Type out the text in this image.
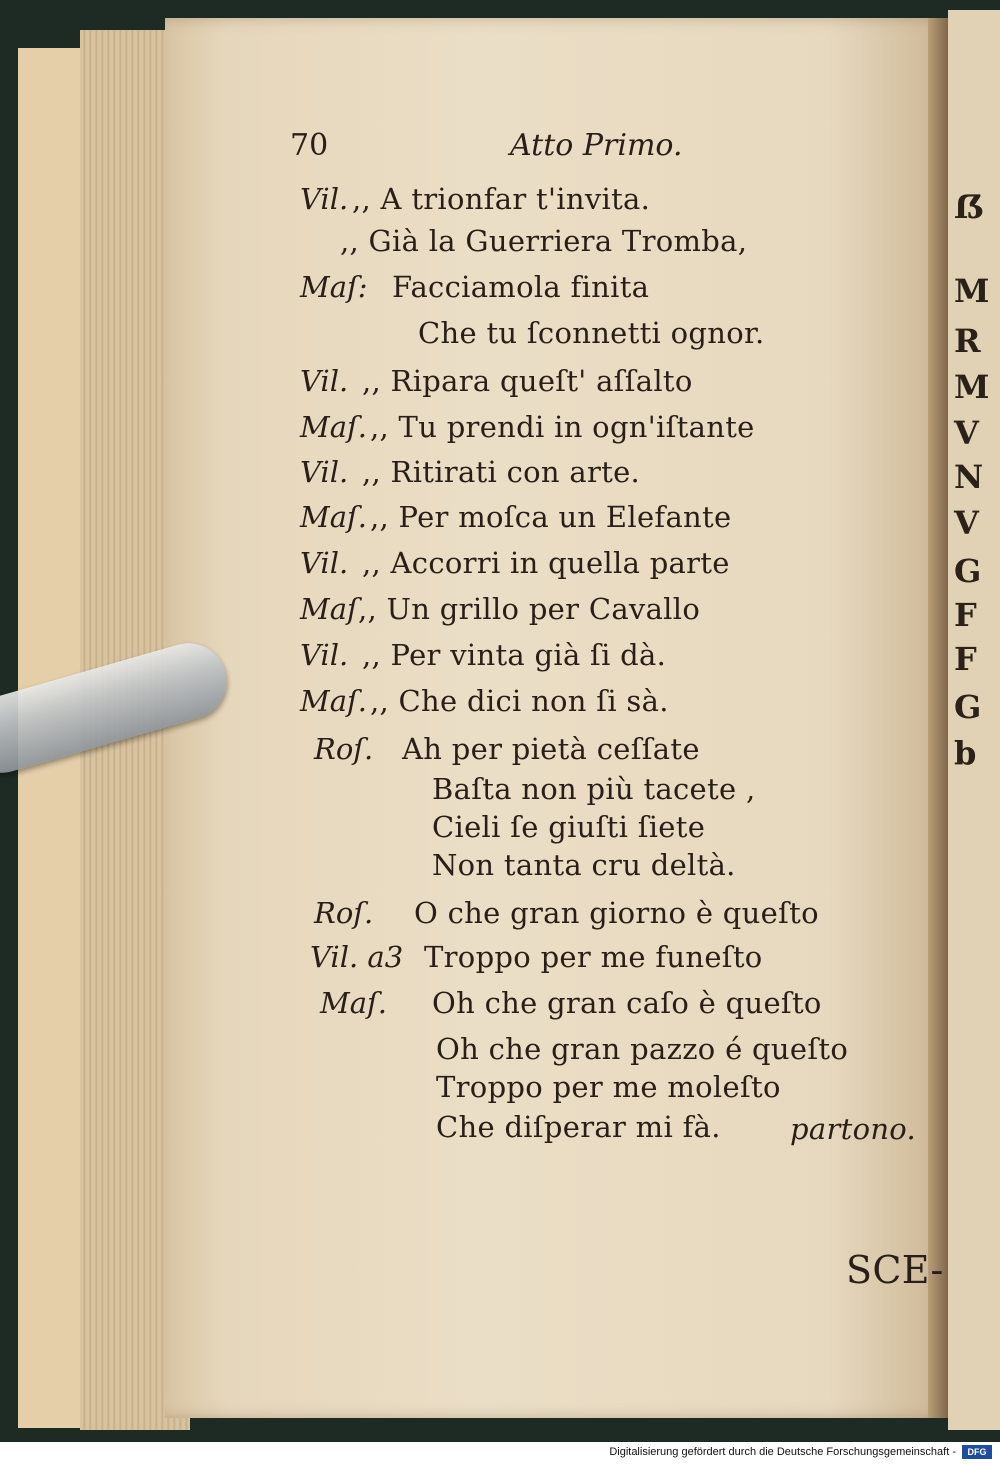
ẞ
M
R
M
V
N
V
G
F
F
G
b
70	Atto Primo.
Vil. ,, A trionfar t'invita.
,, Già la Guerriera Tromba,
Maſ: Facciamola finita
Che tu ſconnetti ognor.
Vil. ,, Ripara queſt' aſſalto
Maſ. ,, Tu prendi in ogn'iſtante
Vil. ,, Ritirati con arte.
Maſ. ,, Per moſca un Elefante
Vil. ,, Accorri in quella parte
Maſ ,, Un grillo per Cavallo
Vil. ,, Per vinta già ſi dà.
Maſ. ,, Che dici non ſi sà.
Roſ. Ah per pietà ceſſate
Baſta non più tacete ,
Cieli ſe giuſti ſiete
Non tanta cru deltà.
Roſ. O che gran giorno è queſto
Vil. a3 Troppo per me funeſto
Maſ. Oh che gran caſo è queſto
Oh che gran pazzo é queſto
Troppo per me moleſto
Che diſperar mi fà. partono.
SCE-
Digitalisierung gefördert durch die Deutsche Forschungsgemeinschaft -	DFG
